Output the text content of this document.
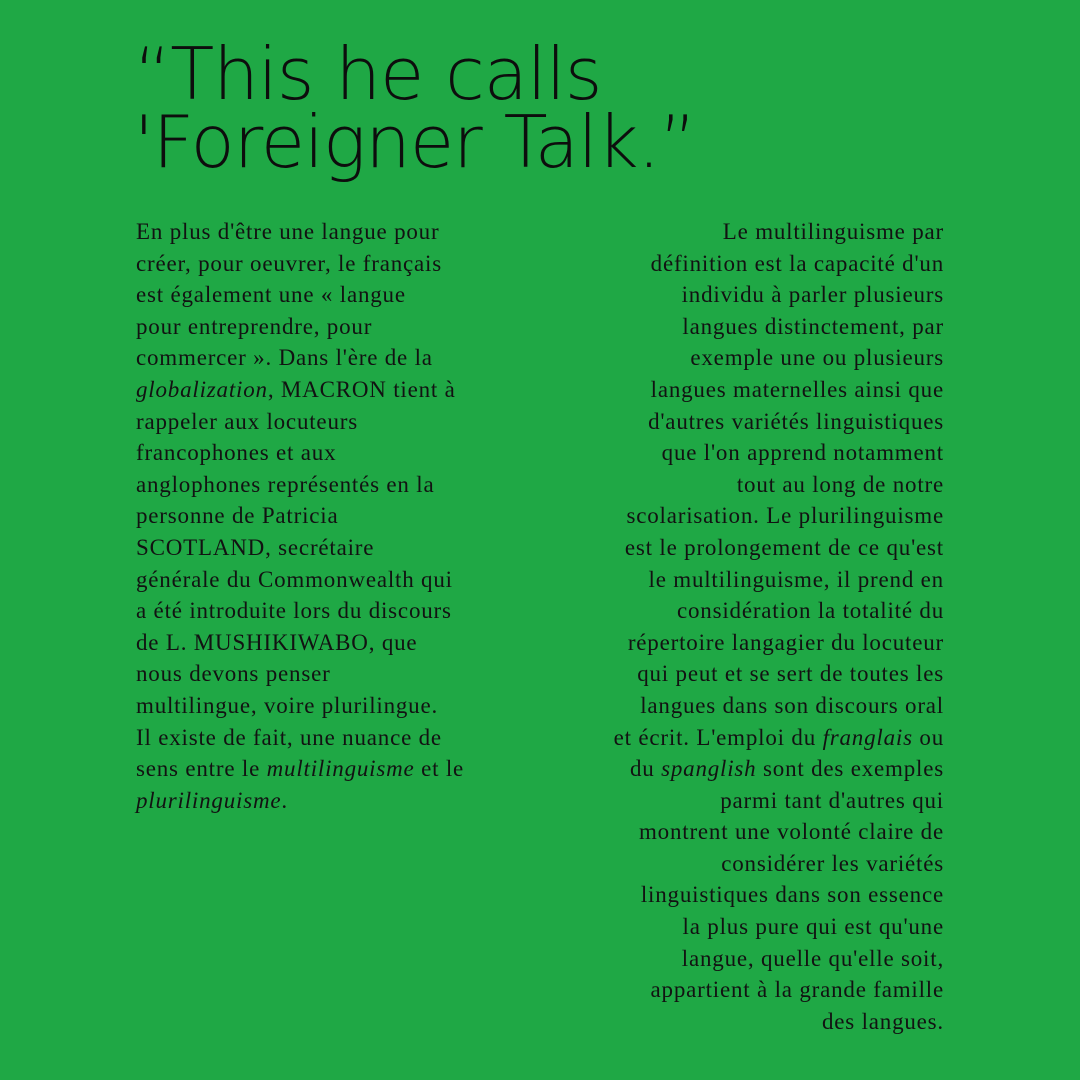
“This he calls
'Foreigner Talk.”
En plus d'être une langue pour
créer, pour oeuvrer, le français
est également une « langue
pour entreprendre, pour
commercer ». Dans l'ère de la
globalization, MACRON tient à
rappeler aux locuteurs
francophones et aux
anglophones représentés en la
personne de Patricia
SCOTLAND, secrétaire
générale du Commonwealth qui
a été introduite lors du discours
de L. MUSHIKIWABO, que
nous devons penser
multilingue, voire plurilingue.
Il existe de fait, une nuance de
sens entre le multilinguisme et le
plurilinguisme.
Le multilinguisme par
définition est la capacité d'un
individu à parler plusieurs
langues distinctement, par
exemple une ou plusieurs
langues maternelles ainsi que
d'autres variétés linguistiques
que l'on apprend notamment
tout au long de notre
scolarisation. Le plurilinguisme
est le prolongement de ce qu'est
le multilinguisme, il prend en
considération la totalité du
répertoire langagier du locuteur
qui peut et se sert de toutes les
langues dans son discours oral
et écrit. L'emploi du franglais ou
du spanglish sont des exemples
parmi tant d'autres qui
montrent une volonté claire de
considérer les variétés
linguistiques dans son essence
la plus pure qui est qu'une
langue, quelle qu'elle soit,
appartient à la grande famille
des langues.
